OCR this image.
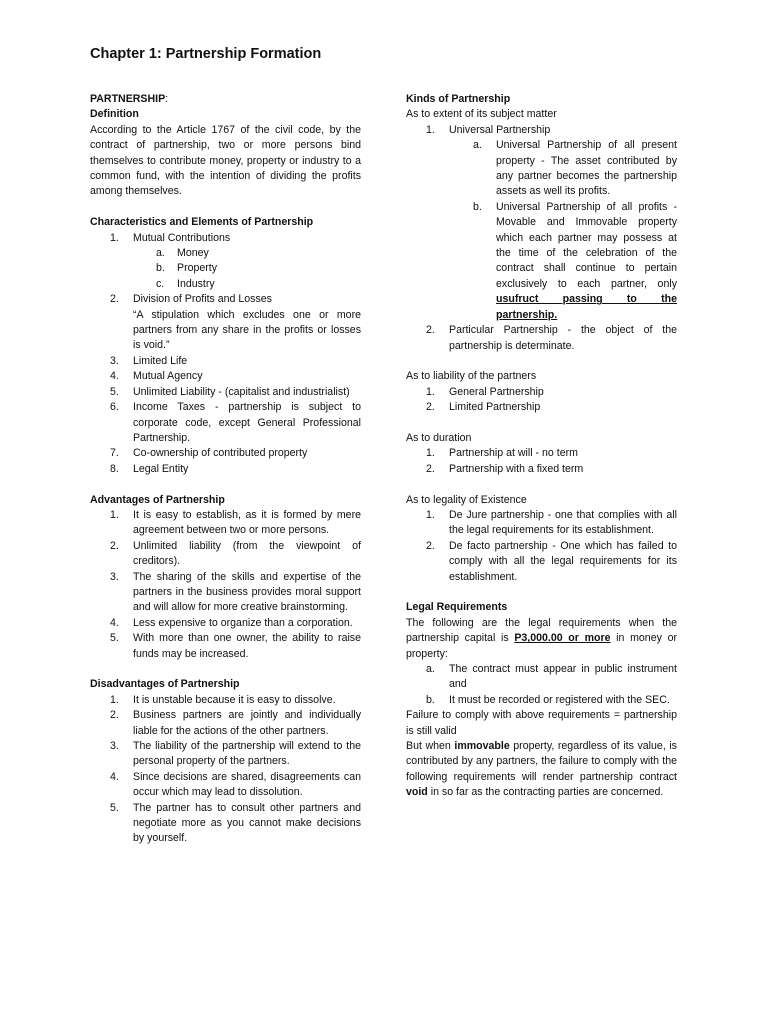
Chapter 1: Partnership Formation

PARTNERSHIP:

Definition

According to the Article 1767 of the civil code, by the contract of partnership, two or more persons bind themselves to contribute money, property or industry to a common fund, with the intention of dividing the profits among themselves.

Characteristics and Elements of Partnership

1.	Mutual Contributions
a.	Money
b.	Property
c.	Industry
2.	Division of Profits and Losses

“A stipulation which excludes one or more partners from any share in the profits or losses is void.”

3.	Limited Life
4.	Mutual Agency
5.	Unlimited Liability - (capitalist and industrialist)
6.	Income Taxes - partnership is subject to corporate code, except General Professional Partnership.
7.	Co-ownership of contributed property
8.	Legal Entity

Advantages of Partnership

1.	It is easy to establish, as it is formed by mere agreement between two or more persons.
2.	Unlimited liability (from the viewpoint of creditors).
3.	The sharing of the skills and expertise of the partners in the business provides moral support and will allow for more creative brainstorming.
4.	Less expensive to organize than a corporation.
5.	With more than one owner, the ability to raise funds may be increased.

Disadvantages of Partnership

1.	It is unstable because it is easy to dissolve.
2.	Business partners are jointly and individually liable for the actions of the other partners.
3.	The liability of the partnership will extend to the personal property of the partners.
4.	Since decisions are shared, disagreements can occur which may lead to dissolution.
5.	The partner has to consult other partners and negotiate more as you cannot make decisions by yourself.

Kinds of Partnership

As to extent of its subject matter

1.	Universal Partnership
a.	Universal Partnership of all present property - The asset contributed by any partner becomes the partnership assets as well its profits.
b.	Universal Partnership of all profits - Movable and Immovable property which each partner may possess at the time of the celebration of the contract shall continue to pertain exclusively to each partner, only usufruct passing to the partnership.
2.	Particular Partnership - the object of the partnership is determinate.

As to liability of the partners

1.	General Partnership
2.	Limited Partnership

As to duration

1.	Partnership at will - no term
2.	Partnership with a fixed term

As to legality of Existence

1.	De Jure partnership - one that complies with all the legal requirements for its establishment.
2.	De facto partnership - One which has failed to comply with all the legal requirements for its establishment.

Legal Requirements

The following are the legal requirements when the partnership capital is P3,000.00 or more in money or property:

a.	The contract must appear in public instrument and
b.	It must be recorded or registered with the SEC.

Failure to comply with above requirements = partnership is still valid

But when immovable property, regardless of its value, is contributed by any partners, the failure to comply with the following requirements will render partnership contract void in so far as the contracting parties are concerned.
